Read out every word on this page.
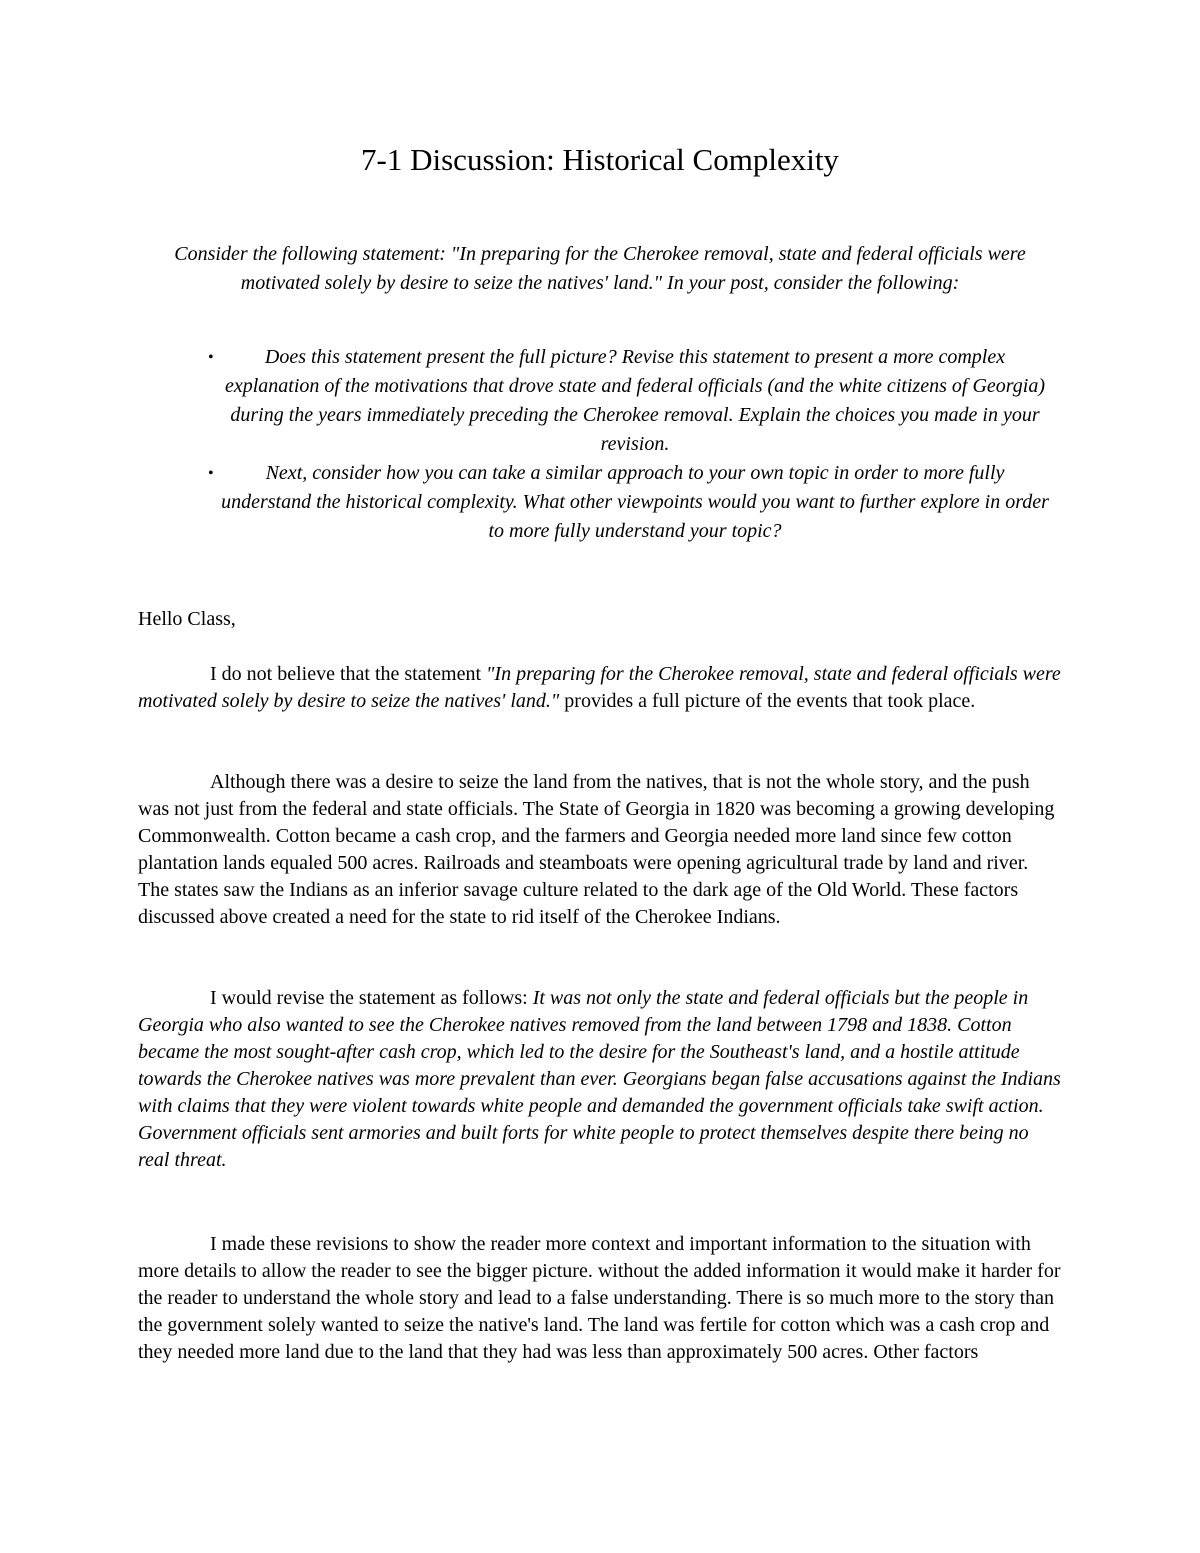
7-1 Discussion: Historical Complexity

Consider the following statement: "In preparing for the Cherokee removal, state and federal officials were motivated solely by desire to seize the natives' land." In your post, consider the following:

•	Does this statement present the full picture? Revise this statement to present a more complex explanation of the motivations that drove state and federal officials (and the white citizens of Georgia) during the years immediately preceding the Cherokee removal. Explain the choices you made in your revision.
•	Next, consider how you can take a similar approach to your own topic in order to more fully understand the historical complexity. What other viewpoints would you want to further explore in order to more fully understand your topic?

Hello Class,

I do not believe that the statement "In preparing for the Cherokee removal, state and federal officials were motivated solely by desire to seize the natives' land." provides a full picture of the events that took place.

Although there was a desire to seize the land from the natives, that is not the whole story, and the push was not just from the federal and state officials. The State of Georgia in 1820 was becoming a growing developing Commonwealth. Cotton became a cash crop, and the farmers and Georgia needed more land since few cotton plantation lands equaled 500 acres. Railroads and steamboats were opening agricultural trade by land and river. The states saw the Indians as an inferior savage culture related to the dark age of the Old World. These factors discussed above created a need for the state to rid itself of the Cherokee Indians.

I would revise the statement as follows: It was not only the state and federal officials but the people in Georgia who also wanted to see the Cherokee natives removed from the land between 1798 and 1838. Cotton became the most sought-after cash crop, which led to the desire for the Southeast's land, and a hostile attitude towards the Cherokee natives was more prevalent than ever. Georgians began false accusations against the Indians with claims that they were violent towards white people and demanded the government officials take swift action. Government officials sent armories and built forts for white people to protect themselves despite there being no real threat.

I made these revisions to show the reader more context and important information to the situation with more details to allow the reader to see the bigger picture. without the added information it would make it harder for the reader to understand the whole story and lead to a false understanding. There is so much more to the story than the government solely wanted to seize the native's land. The land was fertile for cotton which was a cash crop and they needed more land due to the land that they had was less than approximately 500 acres. Other factors
